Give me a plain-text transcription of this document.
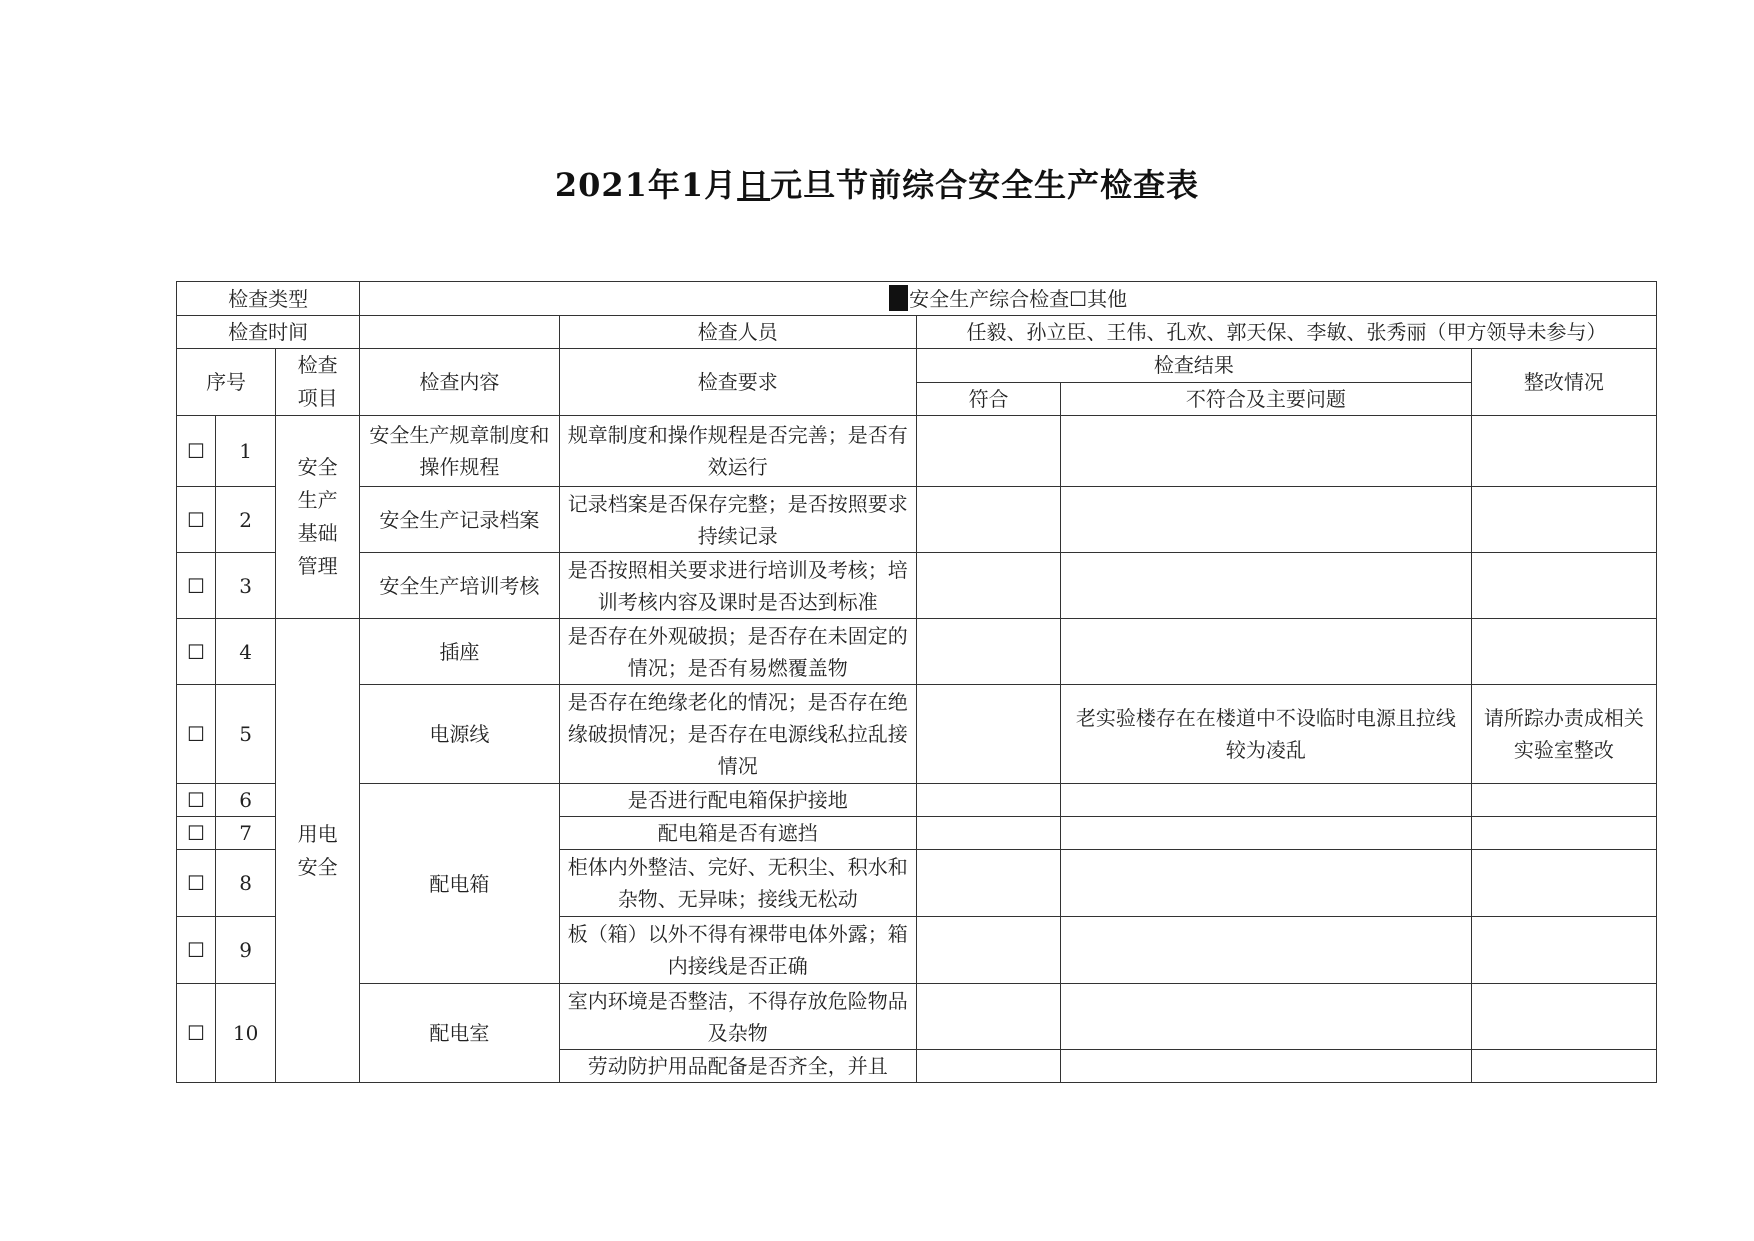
2021年1月日元旦节前综合安全生产检查表
检查类型			安全生产综合检查☐其他				
检查时间				检查人员	任毅、孙立臣、王伟、孔欢、郭天保、李敏、张秀丽（甲方领导未参与）		
序号		检查项目	检查内容	检查要求	检查结果		整改情况
					符合	不符合及主要问题	
☐	1	安全生产基础管理	安全生产规章制度和操作规程	规章制度和操作规程是否完善；是否有效运行			
☐	2		安全生产记录档案	记录档案是否保存完整；是否按照要求持续记录			
☐	3		安全生产培训考核	是否按照相关要求进行培训及考核；培训考核内容及课时是否达到标准			
☐	4	用电安全	插座	是否存在外观破损；是否存在未固定的情况；是否有易燃覆盖物			
☐	5		电源线	是否存在绝缘老化的情况；是否存在绝缘破损情况；是否存在电源线私拉乱接情况		老实验楼存在在楼道中不设临时电源且拉线较为凌乱	请所踪办责成相关实验室整改
☐	6		配电箱	是否进行配电箱保护接地			
☐	7			配电箱是否有遮挡			
☐	8			柜体内外整洁、完好、无积尘、积水和杂物、无异味；接线无松动			
☐	9			板（箱）以外不得有裸带电体外露；箱内接线是否正确			
☐	10		配电室	室内环境是否整洁，不得存放危险物品及杂物			
				劳动防护用品配备是否齐全，并且			
